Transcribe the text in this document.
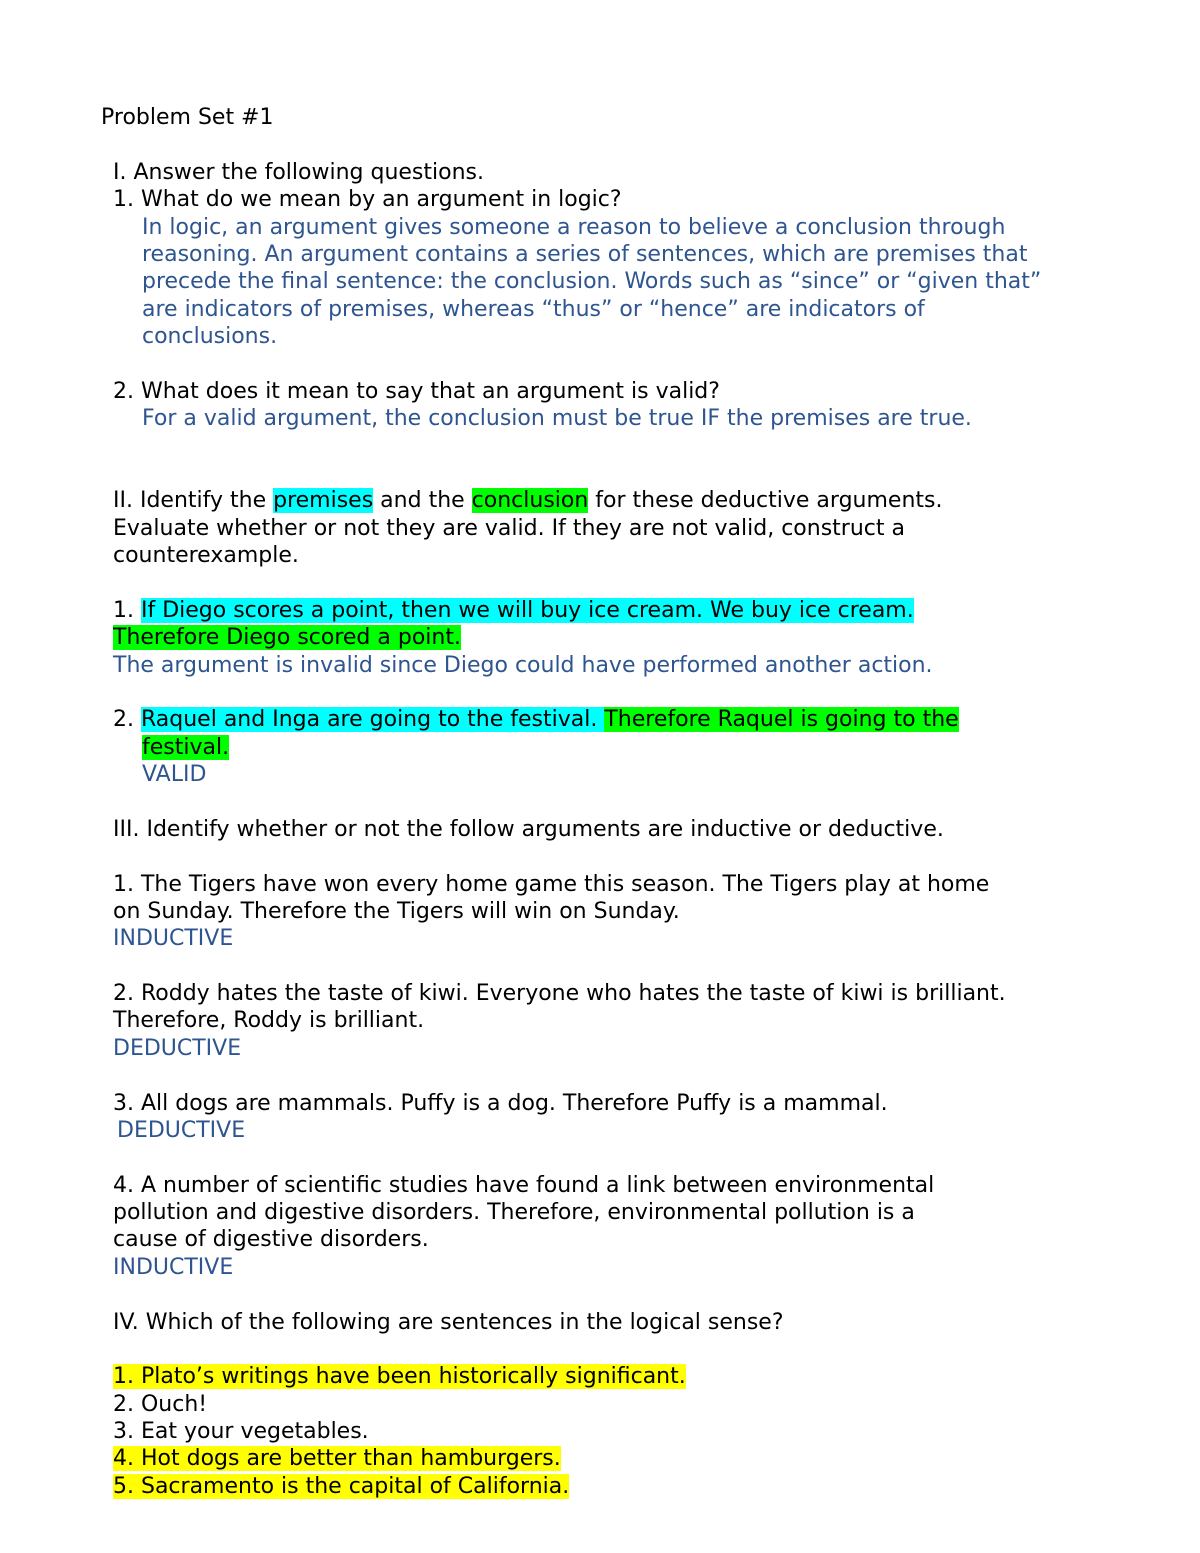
Problem Set #1
I. Answer the following questions.
1. What do we mean by an argument in logic?
In logic, an argument gives someone a reason to believe a conclusion through
reasoning. An argument contains a series of sentences, which are premises that
precede the final sentence: the conclusion. Words such as “since” or “given that”
are indicators of premises, whereas “thus” or “hence” are indicators of
conclusions.
2. What does it mean to say that an argument is valid?
For a valid argument, the conclusion must be true IF the premises are true.
II. Identify the premises and the conclusion for these deductive arguments.
Evaluate whether or not they are valid. If they are not valid, construct a
counterexample.
1. If Diego scores a point, then we will buy ice cream. We buy ice cream.
Therefore Diego scored a point.
The argument is invalid since Diego could have performed another action.
2. Raquel and Inga are going to the festival. Therefore Raquel is going to the
festival.
VALID
III. Identify whether or not the follow arguments are inductive or deductive.
1. The Tigers have won every home game this season. The Tigers play at home
on Sunday. Therefore the Tigers will win on Sunday.
INDUCTIVE
2. Roddy hates the taste of kiwi. Everyone who hates the taste of kiwi is brilliant.
Therefore, Roddy is brilliant.
DEDUCTIVE
3. All dogs are mammals. Puffy is a dog. Therefore Puffy is a mammal.
DEDUCTIVE
4. A number of scientific studies have found a link between environmental
pollution and digestive disorders. Therefore, environmental pollution is a
cause of digestive disorders.
INDUCTIVE
IV. Which of the following are sentences in the logical sense?
1. Plato’s writings have been historically significant.
2. Ouch!
3. Eat your vegetables.
4. Hot dogs are better than hamburgers.
5. Sacramento is the capital of California.
